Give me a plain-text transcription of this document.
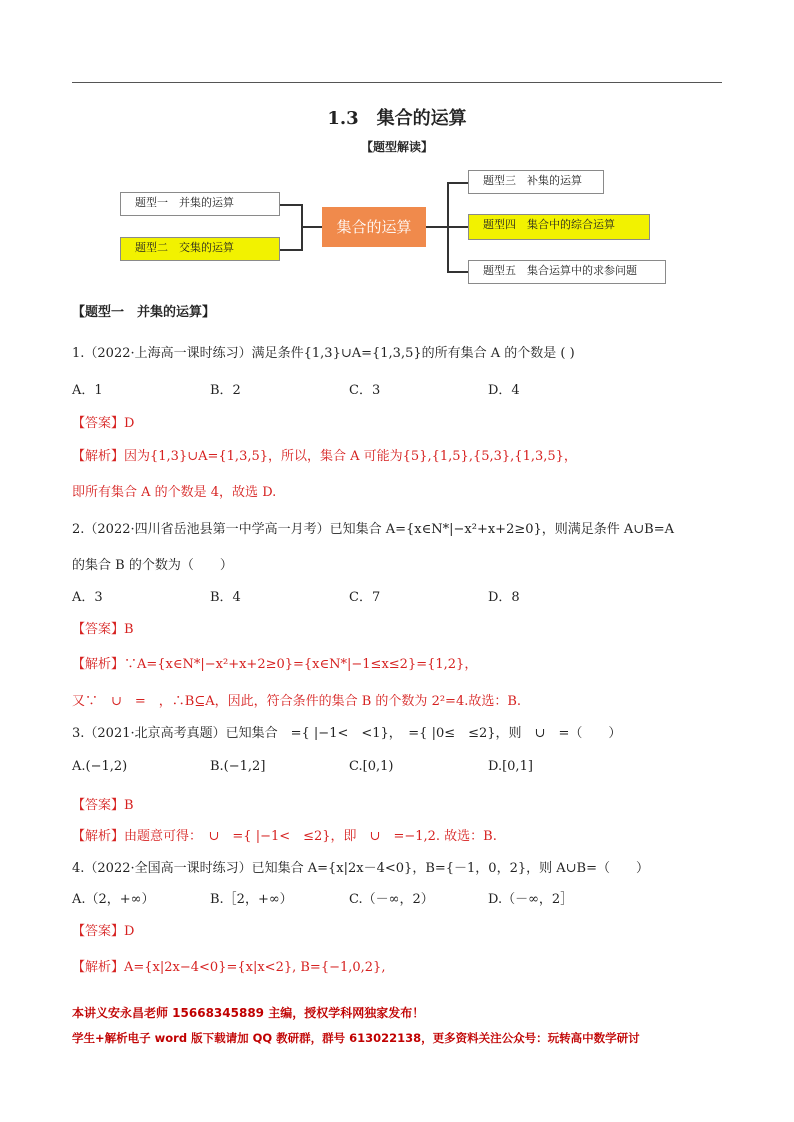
1.3　集合的运算
【题型解读】
题型一　并集的运算
题型二　交集的运算
集合的运算
题型三　补集的运算
题型四　集合中的综合运算
题型五　集合运算中的求参问题
【题型一　并集的运算】
1.（2022·上海高一课时练习）满足条件{1,3}∪A={1,3,5}的所有集合 A 的个数是 ( )
A．1	B．2	C．3	D．4
【答案】D
【解析】因为{1,3}∪A={1,3,5}，所以，集合 A 可能为{5},{1,5},{5,3},{1,3,5}，
即所有集合 A 的个数是 4，故选 D.
2.（2022·四川省岳池县第一中学高一月考）已知集合 A={x∈N*|−x²+x+2≥0}，则满足条件 A∪B=A
的集合 B 的个数为（　　）
A．3	B．4	C．7	D．8
【答案】B
【解析】∵A={x∈N*|−x²+x+2≥0}={x∈N*|−1≤x≤2}={1,2}，
又∵　∪　=　，∴B⊆A，因此，符合条件的集合 B 的个数为 2²=4.故选：B.
3.（2021·北京高考真题）已知集合　={ |−1<　<1}，　={ |0≤　≤2}，则　∪　=（　　）
A.(−1,2)	B.(−1,2]	C.[0,1)	D.[0,1]
【答案】B
【解析】由题意可得：　∪　={ |−1<　≤2}，即　∪　=−1,2. 故选：B.
4.（2022·全国高一课时练习）已知集合 A={x|2x－4<0}，B={－1，0，2}，则 A∪B=（　　）
A.（2，+∞）	B.［2，+∞）	C.（－∞，2）	D.（－∞，2］
【答案】D
【解析】A={x|2x−4<0}={x|x<2}, B={−1,0,2},
本讲义安永昌老师 15668345889 主编，授权学科网独家发布！
学生+解析电子 word 版下载请加 QQ 教研群，群号 613022138，更多资料关注公众号：玩转高中数学研讨
